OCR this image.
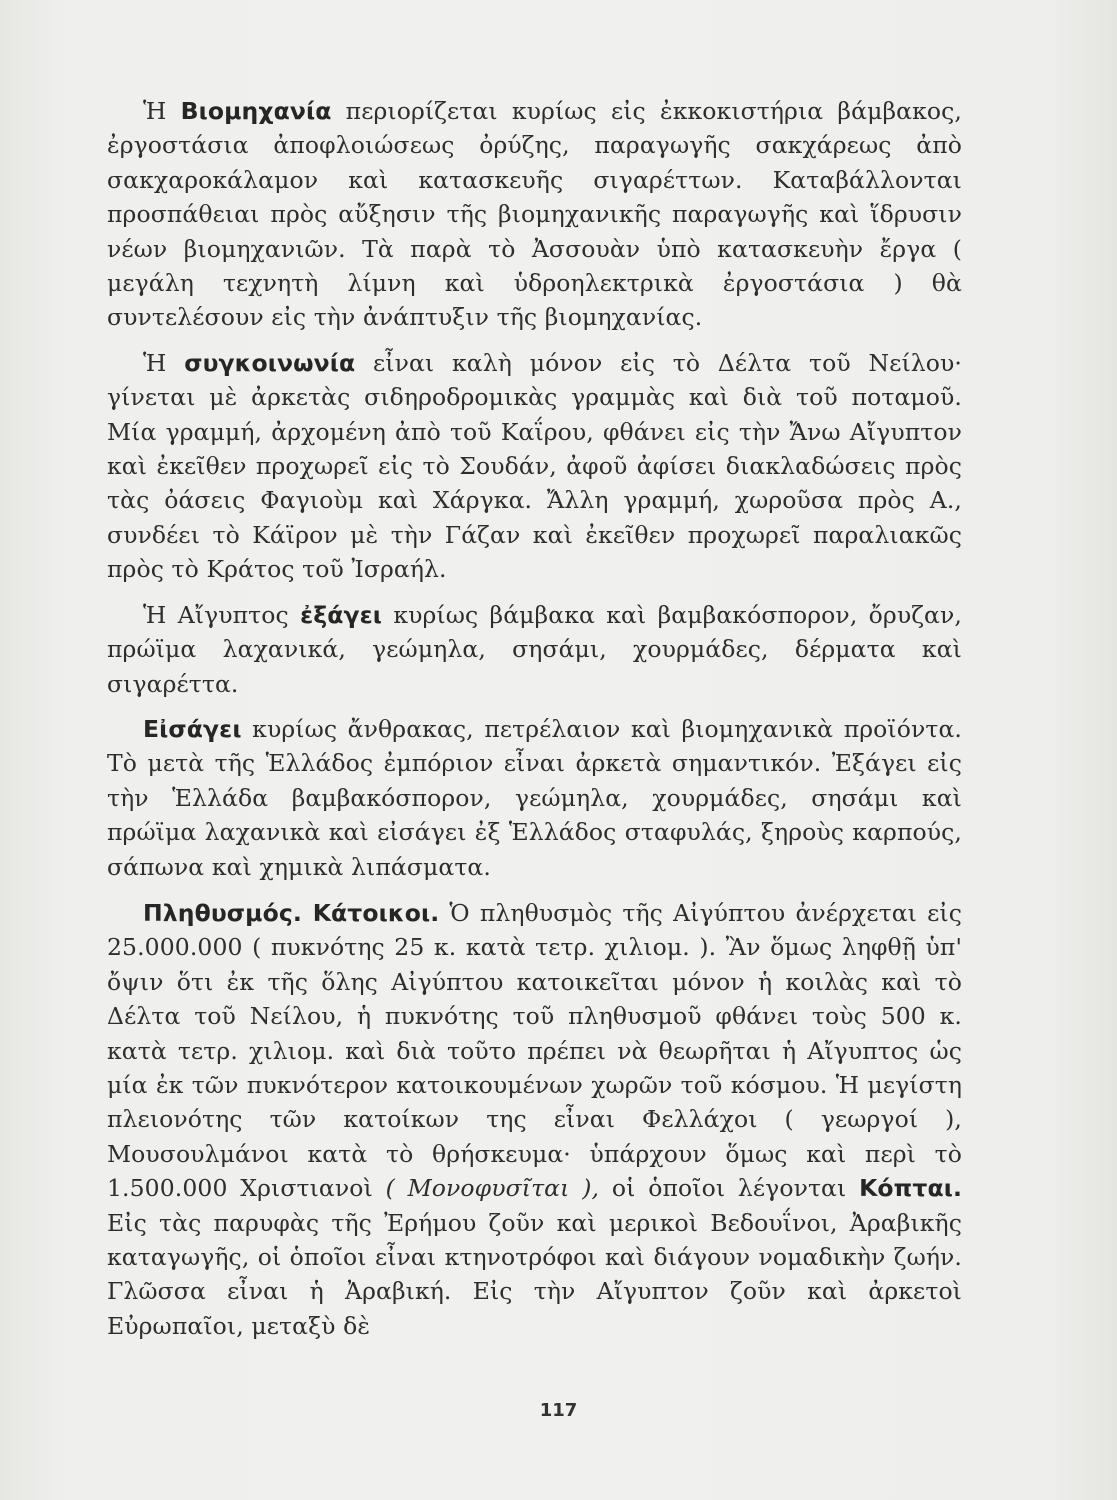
Ἡ Βιομηχανία περιορίζεται κυρίως εἰς ἐκκοκιστήρια βάμβακος, ἐργοστάσια ἀποφλοιώσεως ὀρύζης, παραγωγῆς σακχάρεως ἀπὸ σακχαροκάλαμον καὶ κατασκευῆς σιγαρέττων. Καταβάλλονται προσπάθειαι πρὸς αὔξησιν τῆς βιομηχανικῆς παραγωγῆς καὶ ἵδρυσιν νέων βιομηχανιῶν. Τὰ παρὰ τὸ Ἀσσουὰν ὑπὸ κατασκευὴν ἔργα ( μεγάλη τεχνητὴ λίμνη καὶ ὑδροηλεκτρικὰ ἐργοστάσια ) θὰ συντελέσουν εἰς τὴν ἀνάπτυξιν τῆς βιομηχανίας.

Ἡ συγκοινωνία εἶναι καλὴ μόνον εἰς τὸ Δέλτα τοῦ Νείλου· γίνεται μὲ ἀρκετὰς σιδηροδρομικὰς γραμμὰς καὶ διὰ τοῦ ποταμοῦ. Μία γραμμή, ἀρχομένη ἀπὸ τοῦ Καΐρου, φθάνει εἰς τὴν Ἄνω Αἴγυπτον καὶ ἐκεῖθεν προχωρεῖ εἰς τὸ Σουδάν, ἀφοῦ ἀφίσει διακλαδώσεις πρὸς τὰς ὀάσεις Φαγιοὺμ καὶ Χάργκα. Ἄλλη γραμμή, χωροῦσα πρὸς Α., συνδέει τὸ Κάϊρον μὲ τὴν Γάζαν καὶ ἐκεῖθεν προχωρεῖ παραλιακῶς πρὸς τὸ Κράτος τοῦ Ἰσραήλ.

Ἡ Αἴγυπτος ἐξάγει κυρίως βάμβακα καὶ βαμβακόσπορον, ὄρυζαν, πρώϊμα λαχανικά, γεώμηλα, σησάμι, χουρμάδες, δέρματα καὶ σιγαρέττα.

Εἰσάγει κυρίως ἄνθρακας, πετρέλαιον καὶ βιομηχανικὰ προϊόντα. Τὸ μετὰ τῆς Ἑλλάδος ἐμπόριον εἶναι ἀρκετὰ σημαντικόν. Ἐξάγει εἰς τὴν Ἑλλάδα βαμβακόσπορον, γεώμηλα, χουρμάδες, σησάμι καὶ πρώϊμα λαχανικὰ καὶ εἰσάγει ἐξ Ἑλλάδος σταφυλάς, ξηροὺς καρπούς, σάπωνα καὶ χημικὰ λιπάσματα.

Πληθυσμός. Κάτοικοι. Ὁ πληθυσμὸς τῆς Αἰγύπτου ἀνέρχεται εἰς 25.000.000 ( πυκνότης 25 κ. κατὰ τετρ. χιλιομ. ). Ἂν ὅμως ληφθῇ ὑπ' ὄψιν ὅτι ἐκ τῆς ὅλης Αἰγύπτου κατοικεῖται μόνον ἡ κοιλὰς καὶ τὸ Δέλτα τοῦ Νείλου, ἡ πυκνότης τοῦ πληθυσμοῦ φθάνει τοὺς 500 κ. κατὰ τετρ. χιλιομ. καὶ διὰ τοῦτο πρέπει νὰ θεωρῆται ἡ Αἴγυπτος ὡς μία ἐκ τῶν πυκνότερον κατοικουμένων χωρῶν τοῦ κόσμου. Ἡ μεγίστη πλειονότης τῶν κατοίκων της εἶναι Φελλάχοι ( γεωργοί ), Μουσουλμάνοι κατὰ τὸ θρήσκευμα· ὑπάρχουν ὅμως καὶ περὶ τὸ 1.500.000 Χριστιανοὶ ( Μονοφυσῖται ), οἱ ὁποῖοι λέγονται Κόπται. Εἰς τὰς παρυφὰς τῆς Ἐρήμου ζοῦν καὶ μερικοὶ Βεδουΐνοι, Ἀραβικῆς καταγωγῆς, οἱ ὁποῖοι εἶναι κτηνοτρόφοι καὶ διάγουν νομαδικὴν ζωήν. Γλῶσσα εἶναι ἡ Ἀραβική. Εἰς τὴν Αἴγυπτον ζοῦν καὶ ἀρκετοὶ Εὐρωπαῖοι, μεταξὺ δὲ

117
